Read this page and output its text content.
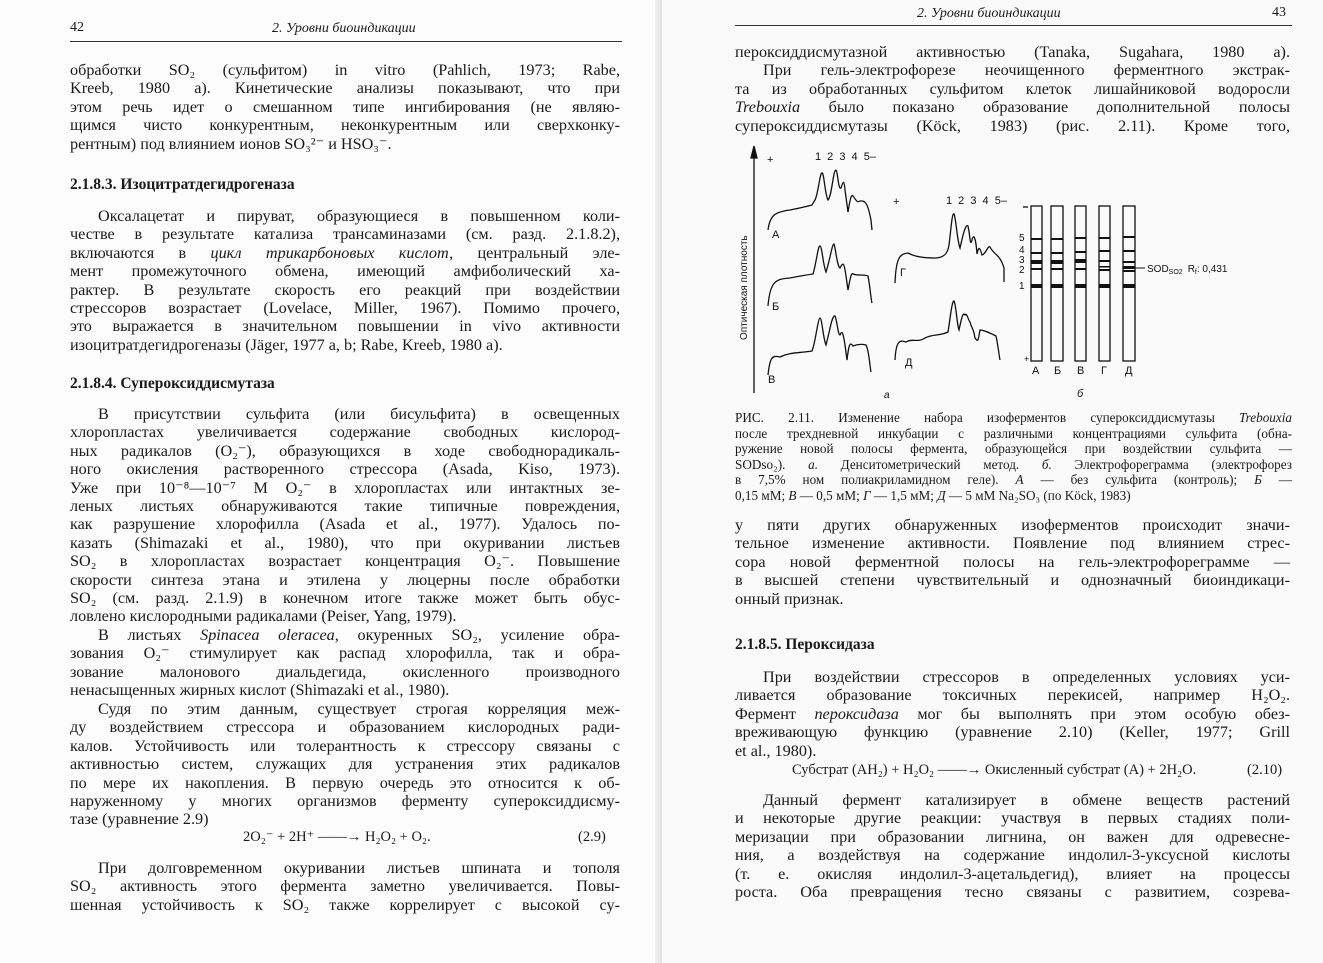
42	2. Уровни биоиндикации
обработки SO₂ (сульфитом) in vitro (Pahlich, 1973; Rabe,
Kreeb, 1980 a). Кинетические анализы показывают, что при
этом речь идет о смешанном типе ингибирования (не являю-
щимся чисто конкурентным, неконкурентным или сверхконку-
рентным) под влиянием ионов SO₃²⁻ и HSO₃⁻.
2.1.8.3. Изоцитратдегидрогеназа
Оксалацетат и пируват, образующиеся в повышенном коли-
честве в результате катализа трансаминазами (см. разд. 2.1.8.2),
включаются в цикл трикарбоновых кислот, центральный эле-
мент промежуточного обмена, имеющий амфиболический ха-
рактер. В результате скорость его реакций при воздействии
стрессоров возрастает (Lovelace, Miller, 1967). Помимо прочего,
это выражается в значительном повышении in vivo активности
изоцитратдегидрогеназы (Jäger, 1977 a, b; Rabe, Kreeb, 1980 a).
2.1.8.4. Супероксиддисмутаза
В присутствии сульфита (или бисульфита) в освещенных
хлоропластах увеличивается содержание свободных кислород-
ных радикалов (O₂⁻), образующихся в ходе свободнорадикаль-
ного окисления растворенного стрессора (Asada, Kiso, 1973).
Уже при 10⁻⁸—10⁻⁷ M O₂⁻ в хлоропластах или интактных зе-
леных листьях обнаруживаются такие типичные повреждения,
как разрушение хлорофилла (Asada et al., 1977). Удалось по-
казать (Shimazaki et al., 1980), что при окуривании листьев
SO₂ в хлоропластах возрастает концентрация O₂⁻. Повышение
скорости синтеза этана и этилена у люцерны после обработки
SO₂ (см. разд. 2.1.9) в конечном итоге также может быть обус-
ловлено кислородными радикалами (Peiser, Yang, 1979).
В листьях Spinacea oleracea, окуренных SO₂, усиление обра-
зования O₂⁻ стимулирует как распад хлорофилла, так и обра-
зование малонового диальдегида, окисленного производного
ненасыщенных жирных кислот (Shimazaki et al., 1980).
Судя по этим данным, существует строгая корреляция меж-
ду воздействием стрессора и образованием кислородных ради-
калов. Устойчивость или толерантность к стрессору связаны с
активностью систем, служащих для устранения этих радикалов
по мере их накопления. В первую очередь это относится к об-
наруженному у многих организмов ферменту супероксиддисму-
тазе (уравнение 2.9)
2O₂⁻ + 2H⁺ ——→ H₂O₂ + O₂.	(2.9)
При долговременном окуривании листьев шпината и тополя
SO₂ активность этого фермента заметно увеличивается. Повы-
шенная устойчивость к SO₂ также коррелирует с высокой су-
2. Уровни биоиндикации	43
пероксиддисмутазной активностью (Tanaka, Sugahara, 1980 a).
При гель-электрофорезе неочищенного ферментного экстрак-
та из обработанных сульфитом клеток лишайниковой водоросли
Trebouxia было показано образование дополнительной полосы
супероксиддисмутазы (Köck, 1983) (рис. 2.11). Кроме того,
Оптическая плотность
+	1 2 3 4 5
–
+	1 2 3 4 5
–
А
Б
В
Г
Д
5
4
3
2
1
+
А Б В Г Д
$SOD_{SO2}$ $R_f$: 0,431
а	б
РИС. 2.11. Изменение набора изоферментов супероксиддисмутазы Trebouxia
после трехдневной инкубации с различными концентрациями сульфита (обна-
ружение новой полосы фермента, образующейся при воздействии сульфита —
SODso₂). а. Денситометрический метод. б. Электрофореграмма (электрофорез
в 7,5% ном полиакриламидном геле). А — без сульфита (контроль); Б —
0,15 мМ; В — 0,5 мМ; Г — 1,5 мМ; Д — 5 мМ Na₂SO₃ (по Köck, 1983)
у пяти других обнаруженных изоферментов происходит значи-
тельное изменение активности. Появление под влиянием стрес-
сора новой ферментной полосы на гель-электрофореграмме —
в высшей степени чувствительный и однозначный биоиндикаци-
онный признак.
2.1.8.5. Пероксидаза
При воздействии стрессоров в определенных условиях уси-
ливается образование токсичных перекисей, например H₂O₂.
Фермент пероксидаза мог бы выполнять при этом особую обез-
вреживающую функцию (уравнение 2.10) (Keller, 1977; Grill
et al., 1980).
Субстрат (AH₂) + H₂O₂ ——→ Окисленный субстрат (A) + 2H₂O.	(2.10)
Данный фермент катализирует в обмене веществ растений
и некоторые другие реакции: участвуя в первых стадиях поли-
меризации при образовании лигнина, он важен для одревесне-
ния, а воздействуя на содержание индолил-3-уксусной кислоты
(т. е. окисляя индолил-3-ацетальдегид), влияет на процессы
роста. Оба превращения тесно связаны с развитием, созрева-
